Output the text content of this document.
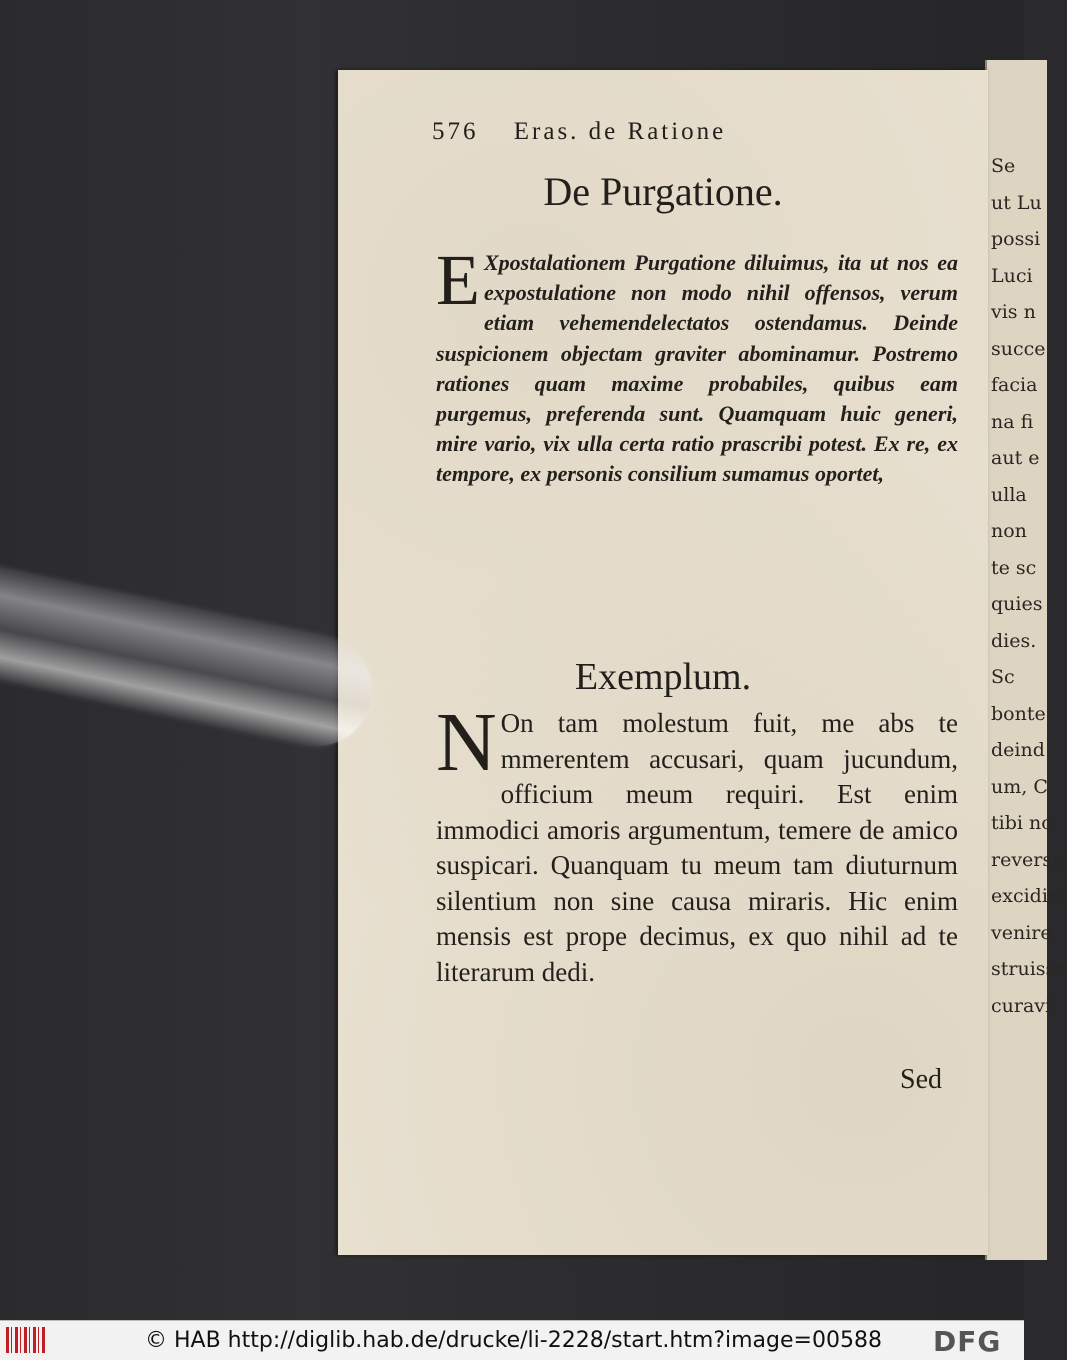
Se
ut Lu
possi
Luci
vis n
succe
facia
na fi
aut e
ulla
non
te sc
quies
dies.
Sc
bonte
deind
um, C
tibi no
reverse
excidis
venire,
struisse
curavi
576 Eras. de Ratione
De Purgatione.
E Xpostalationem Purgatione diluimus, ita ut nos ea expostulatione non modo nihil offensos, verum etiam vehemendelectatos ostendamus. Deinde suspicionem objectam graviter abominamur. Postremo rationes quam maxime probabiles, quibus eam purgemus, preferenda sunt. Quamquam huic generi, mire vario, vix ulla certa ratio prascribi potest. Ex re, ex tempore, ex personis consilium sumamus oportet,
Exemplum.
N On tam molestum fuit, me abs te mmerentem accusari, quam jucundum, officium meum requiri. Est enim immodici amoris argumentum, temere de amico suspicari. Quanquam tu meum tam diuturnum silentium non sine causa miraris. Hic enim mensis est prope decimus, ex quo nihil ad te literarum dedi.
Sed
© HAB http://diglib.hab.de/drucke/li-2228/start.htm?image=00588 DFG
